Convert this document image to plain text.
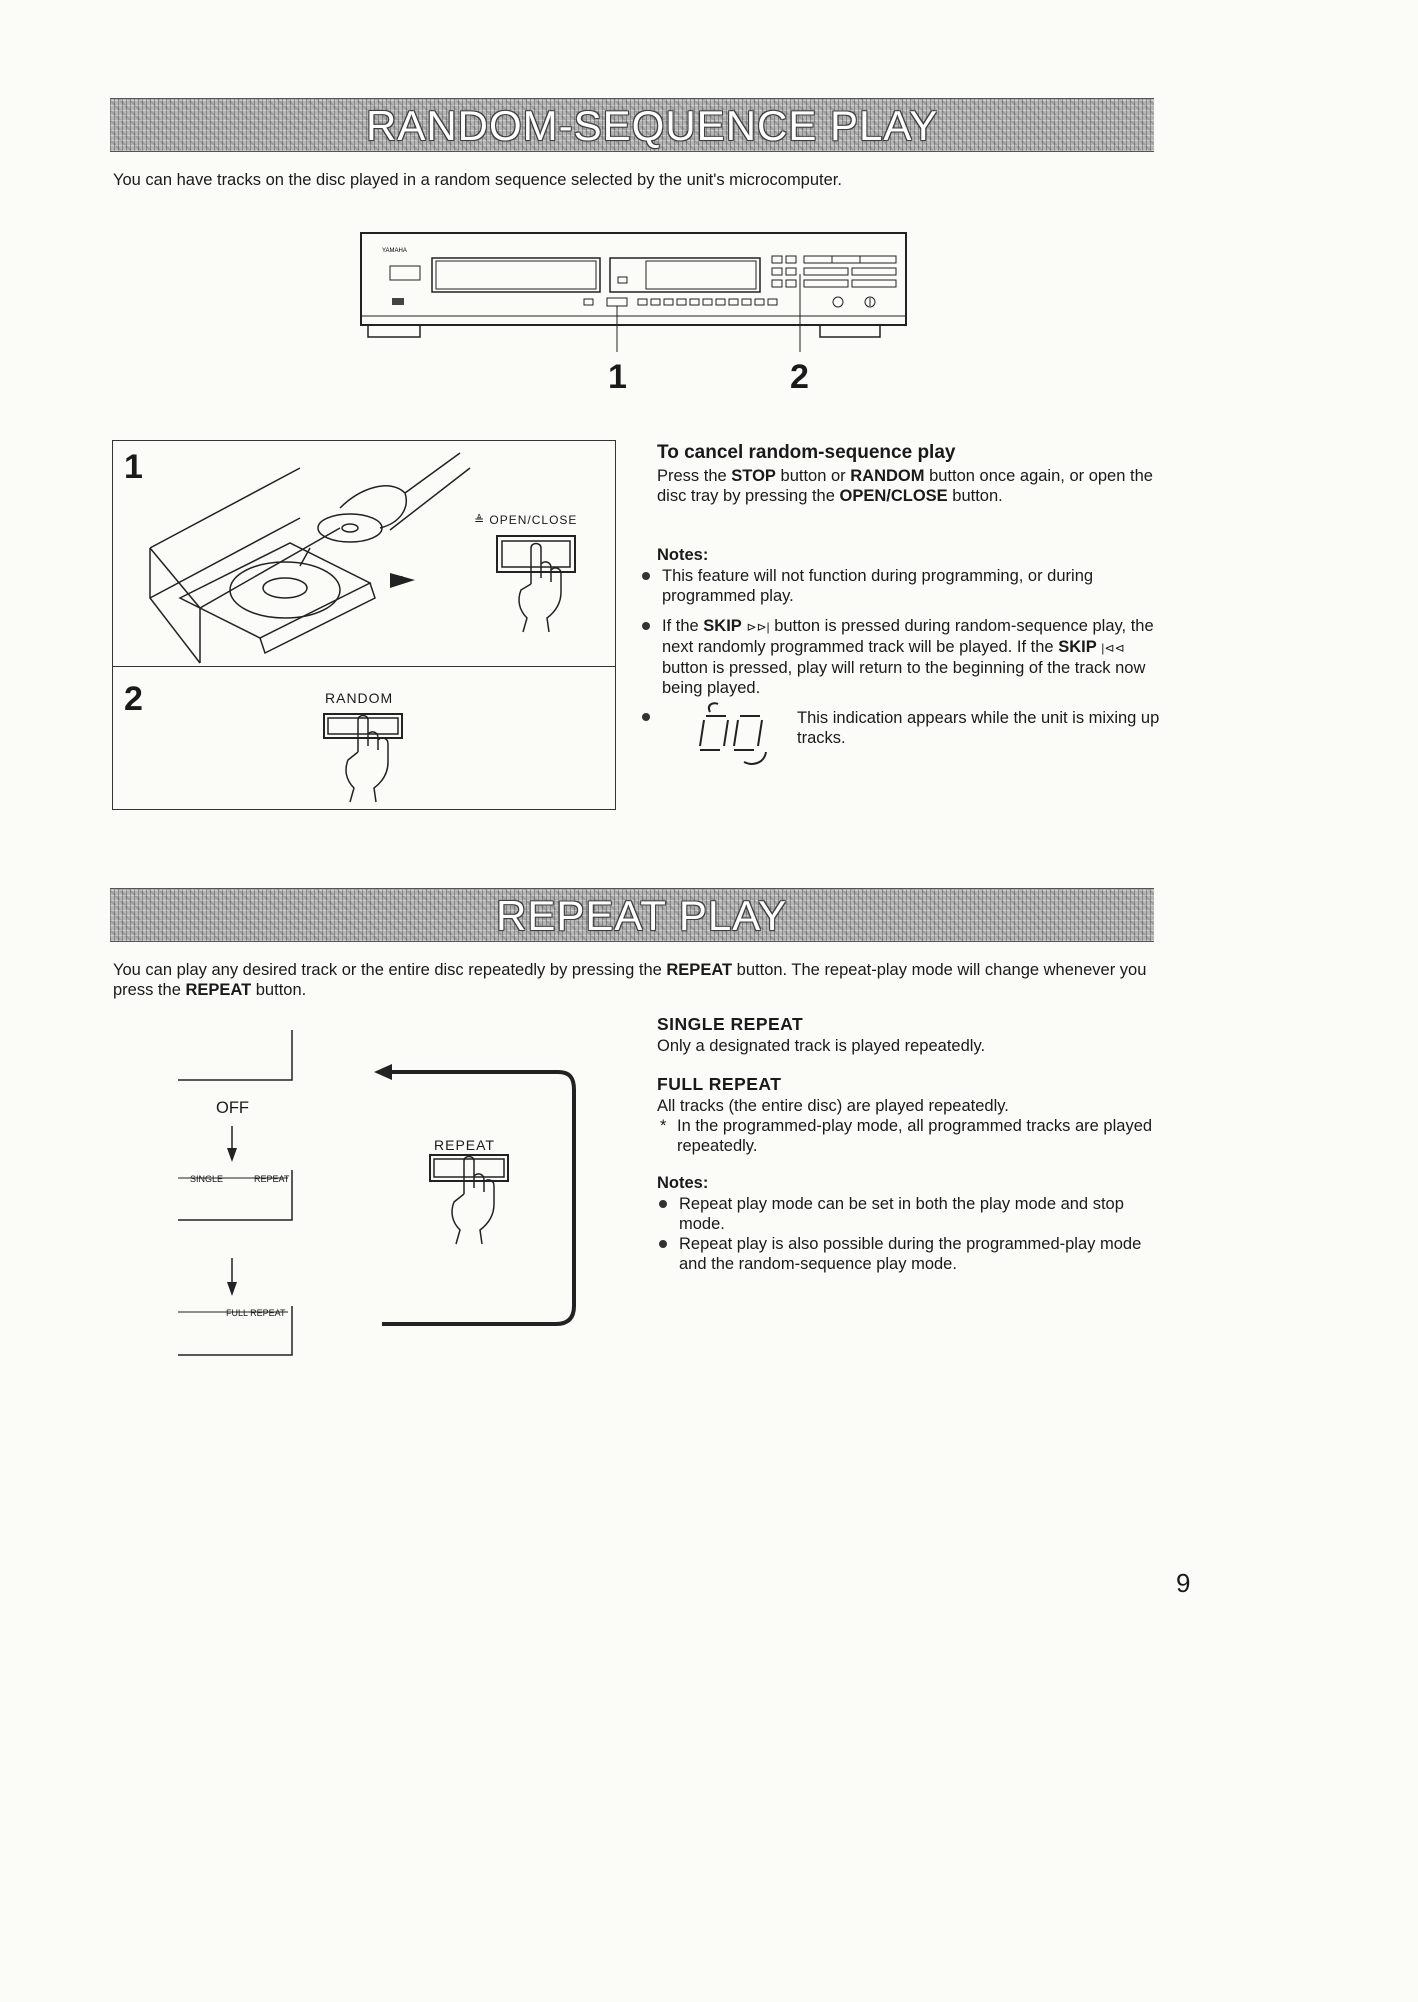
RANDOM-SEQUENCE PLAY

You can have tracks on the disc played in a random sequence selected by the unit's microcomputer.

YAMAHA
1	2
1
2
≜ OPEN/CLOSE
RANDOM
To cancel random-sequence play

Press the STOP button or RANDOM button once again, or open the disc tray by pressing the OPEN/CLOSE button.

Notes:
This feature will not function during programming, or during programmed play.
If the SKIP ⊳⊳| button is pressed during random-sequence play, the next randomly programmed track will be played. If the SKIP |⊲⊲ button is pressed, play will return to the beginning of the track now being played.

This indication appears while the unit is mixing up tracks.

REPEAT PLAY

You can play any desired track or the entire disc repeatedly by pressing the REPEAT button. The repeat-play mode will change whenever you press the REPEAT button.

OFF
SINGLE	REPEAT
FULL REPEAT
REPEAT
SINGLE REPEAT

Only a designated track is played repeatedly.

FULL REPEAT

All tracks (the entire disc) are played repeatedly.

* In the programmed-play mode, all programmed tracks are played repeatedly.

Notes:
Repeat play mode can be set in both the play mode and stop mode.
Repeat play is also possible during the programmed-play mode and the random-sequence play mode.
9
